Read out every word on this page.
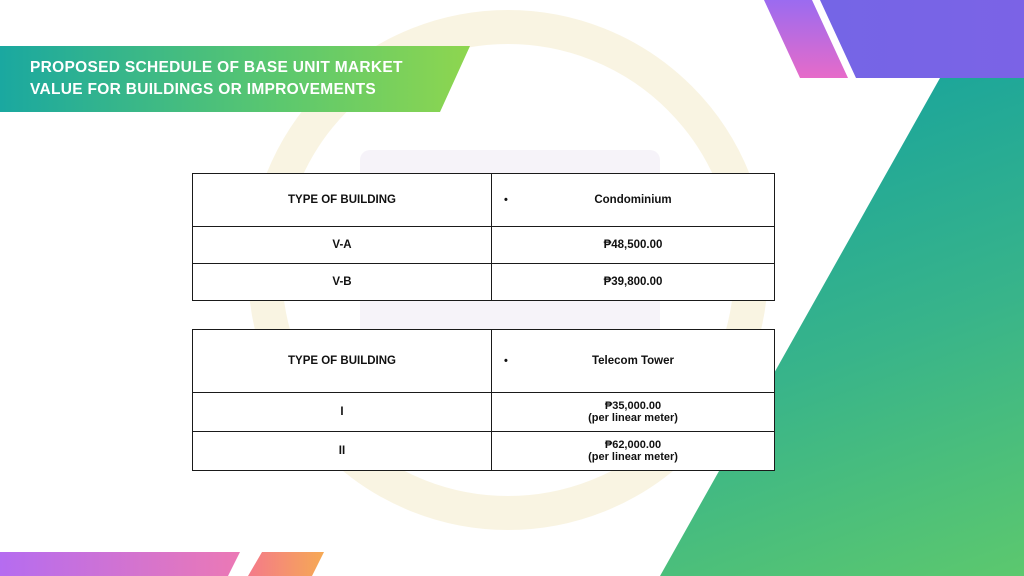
PROPOSED SCHEDULE OF BASE UNIT MARKET
VALUE FOR BUILDINGS OR IMPROVEMENTS
TYPE OF BUILDING	• Condominium
V-A	₱48,500.00
V-B	₱39,800.00
TYPE OF BUILDING	• Telecom Tower
I	₱35,000.00
(per linear meter)

II	₱62,000.00
(per linear meter)
